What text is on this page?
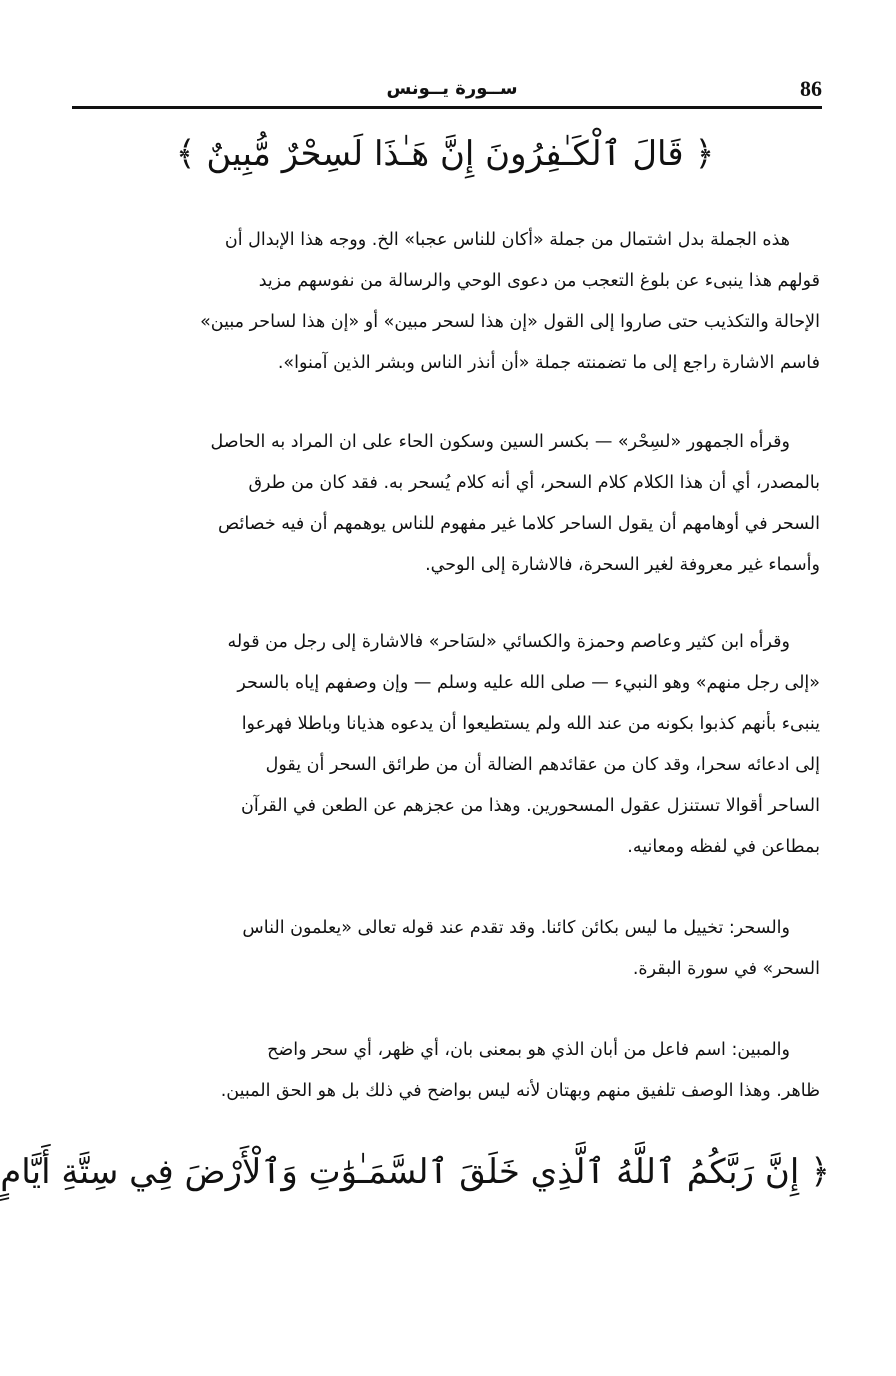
ســورة يــونس	86
﴿ قَالَ ٱلْكَـٰفِرُونَ إِنَّ هَـٰذَا لَسِحْرٌ مُّبِينٌ ﴾
هذه الجملة بدل اشتمال من جملة «أكان للناس عجبا» الخ. ووجه هذا الإبدال أن
قولهم هذا ينبىء عن بلوغ التعجب من دعوى الوحي والرسالة من نفوسهم مزيد
الإحالة والتكذيب حتى صاروا إلى القول «إن هذا لسحر مبين» أو «إن هذا لساحر مبين»
فاسم الاشارة راجع إلى ما تضمنته جملة «أن أنذر الناس وبشر الذين آمنوا».
وقرأه الجمهور «لسِحْر» — بكسر السين وسكون الحاء على ان المراد به الحاصل
بالمصدر، أي أن هذا الكلام كلام السحر، أي أنه كلام يُسحر به. فقد كان من طرق
السحر في أوهامهم أن يقول الساحر كلاما غير مفهوم للناس يوهمهم أن فيه خصائص
وأسماء غير معروفة لغير السحرة، فالاشارة إلى الوحي.
وقرأه ابن كثير وعاصم وحمزة والكسائي «لسَاحر» فالاشارة إلى رجل من قوله
«إلى رجل منهم» وهو النبيء — صلى الله عليه وسلم — وإن وصفهم إياه بالسحر
ينبىء بأنهم كذبوا بكونه من عند الله ولم يستطيعوا أن يدعوه هذيانا وباطلا فهرعوا
إلى ادعائه سحرا، وقد كان من عقائدهم الضالة أن من طرائق السحر أن يقول
الساحر أقوالا تستنزل عقول المسحورين. وهذا من عجزهم عن الطعن في القرآن
بمطاعن في لفظه ومعانيه.
والسحر: تخييل ما ليس بكائن كائنا. وقد تقدم عند قوله تعالى «يعلمون الناس
السحر» في سورة البقرة.
والمبين: اسم فاعل من أبان الذي هو بمعنى بان، أي ظهر، أي سحر واضح
ظاهر. وهذا الوصف تلفيق منهم وبهتان لأنه ليس بواضح في ذلك بل هو الحق المبين.
﴿ إِنَّ رَبَّكُمُ ٱللَّهُ ٱلَّذِي خَلَقَ ٱلسَّمَـٰوَٰتِ وَٱلْأَرْضَ فِي سِتَّةِ أَيَّامٍ
